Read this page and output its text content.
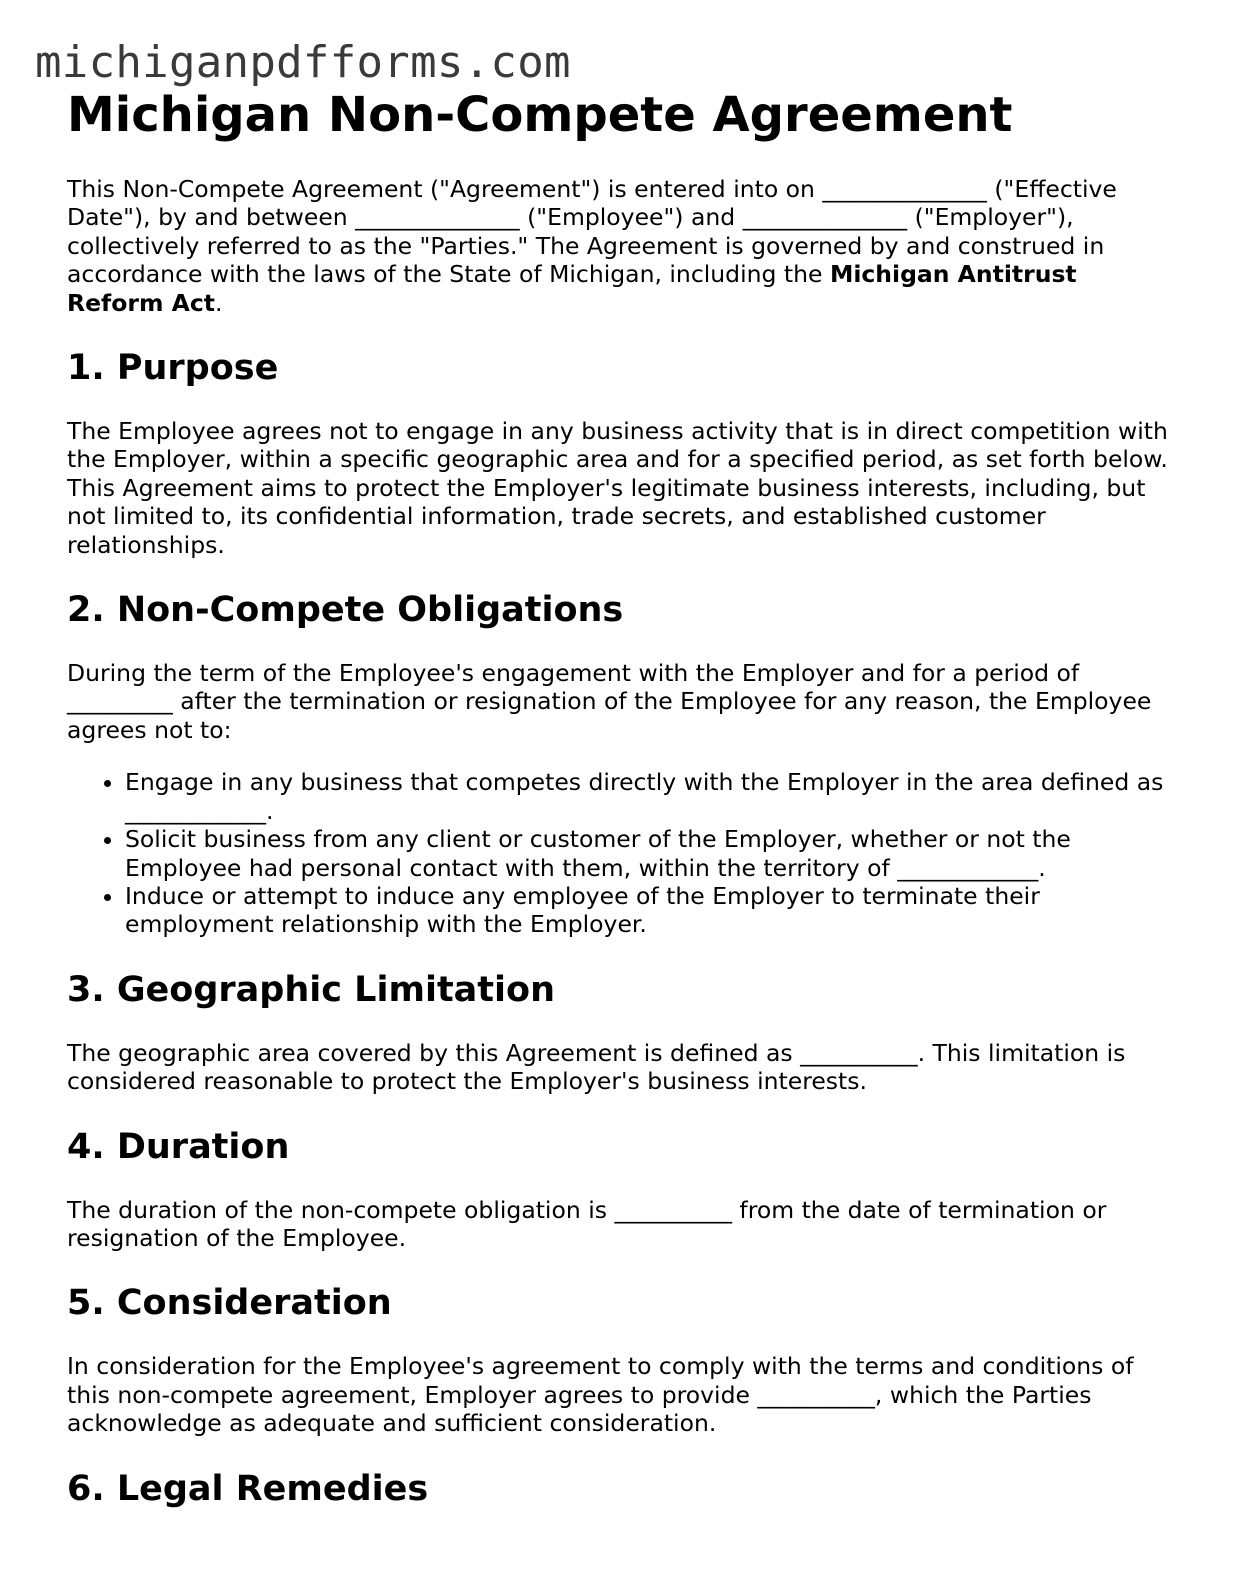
michiganpdfforms.com
Michigan Non-Compete Agreement

This Non-Compete Agreement ("Agreement") is entered into on ______________ ("Effective Date"), by and between ______________ ("Employee") and ______________ ("Employer"), collectively referred to as the "Parties." The Agreement is governed by and construed in accordance with the laws of the State of Michigan, including the Michigan Antitrust Reform Act.

1. Purpose

The Employee agrees not to engage in any business activity that is in direct competition with the Employer, within a specific geographic area and for a specified period, as set forth below. This Agreement aims to protect the Employer's legitimate business interests, including, but not limited to, its confidential information, trade secrets, and established customer relationships.

2. Non-Compete Obligations

During the term of the Employee's engagement with the Employer and for a period of _________ after the termination or resignation of the Employee for any reason, the Employee agrees not to:

• Engage in any business that competes directly with the Employer in the area defined as ____________.
• Solicit business from any client or customer of the Employer, whether or not the Employee had personal contact with them, within the territory of ____________.
• Induce or attempt to induce any employee of the Employer to terminate their employment relationship with the Employer.
3. Geographic Limitation

The geographic area covered by this Agreement is defined as __________. This limitation is considered reasonable to protect the Employer's business interests.

4. Duration

The duration of the non-compete obligation is __________ from the date of termination or resignation of the Employee.

5. Consideration

In consideration for the Employee's agreement to comply with the terms and conditions of this non-compete agreement, Employer agrees to provide __________, which the Parties acknowledge as adequate and sufficient consideration.

6. Legal Remedies
